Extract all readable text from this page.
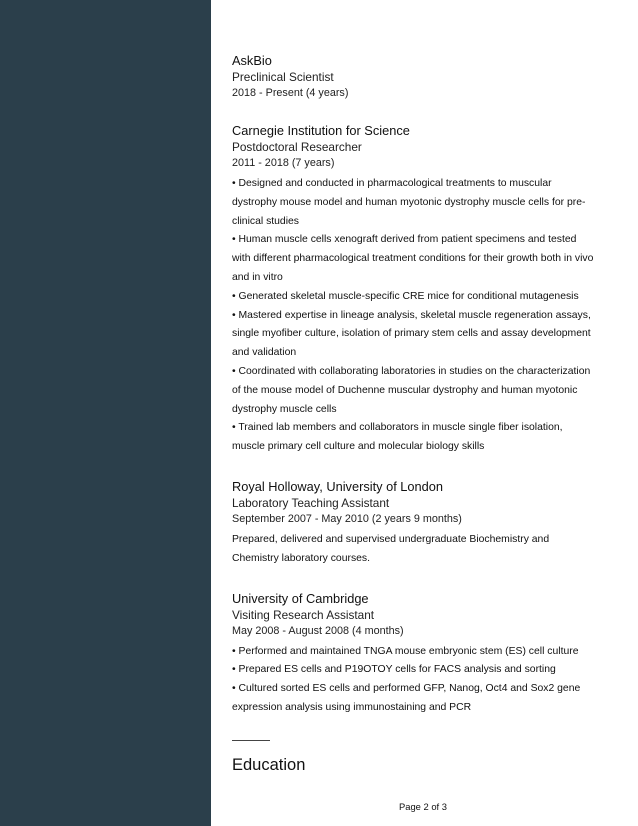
AskBio
Preclinical Scientist
2018 - Present (4 years)
Carnegie Institution for Science
Postdoctoral Researcher
2011 - 2018 (7 years)
• Designed and conducted in pharmacological treatments to muscular
dystrophy mouse model and human myotonic dystrophy muscle cells for pre-
clinical studies
• Human muscle cells xenograft derived from patient specimens and tested
with different pharmacological treatment conditions for their growth both in vivo
and in vitro
• Generated skeletal muscle-specific CRE mice for conditional mutagenesis
• Mastered expertise in lineage analysis, skeletal muscle regeneration assays,
single myofiber culture, isolation of primary stem cells and assay development
and validation
• Coordinated with collaborating laboratories in studies on the characterization
of the mouse model of Duchenne muscular dystrophy and human myotonic
dystrophy muscle cells
• Trained lab members and collaborators in muscle single fiber isolation,
muscle primary cell culture and molecular biology skills
Royal Holloway, University of London
Laboratory Teaching Assistant
September 2007 - May 2010 (2 years 9 months)
Prepared, delivered and supervised undergraduate Biochemistry and
Chemistry laboratory courses.
University of Cambridge
Visiting Research Assistant
May 2008 - August 2008 (4 months)
• Performed and maintained TNGA mouse embryonic stem (ES) cell culture
• Prepared ES cells and P19OTOY cells for FACS analysis and sorting
• Cultured sorted ES cells and performed GFP, Nanog, Oct4 and Sox2 gene
expression analysis using immunostaining and PCR
Education
Page 2 of 3
